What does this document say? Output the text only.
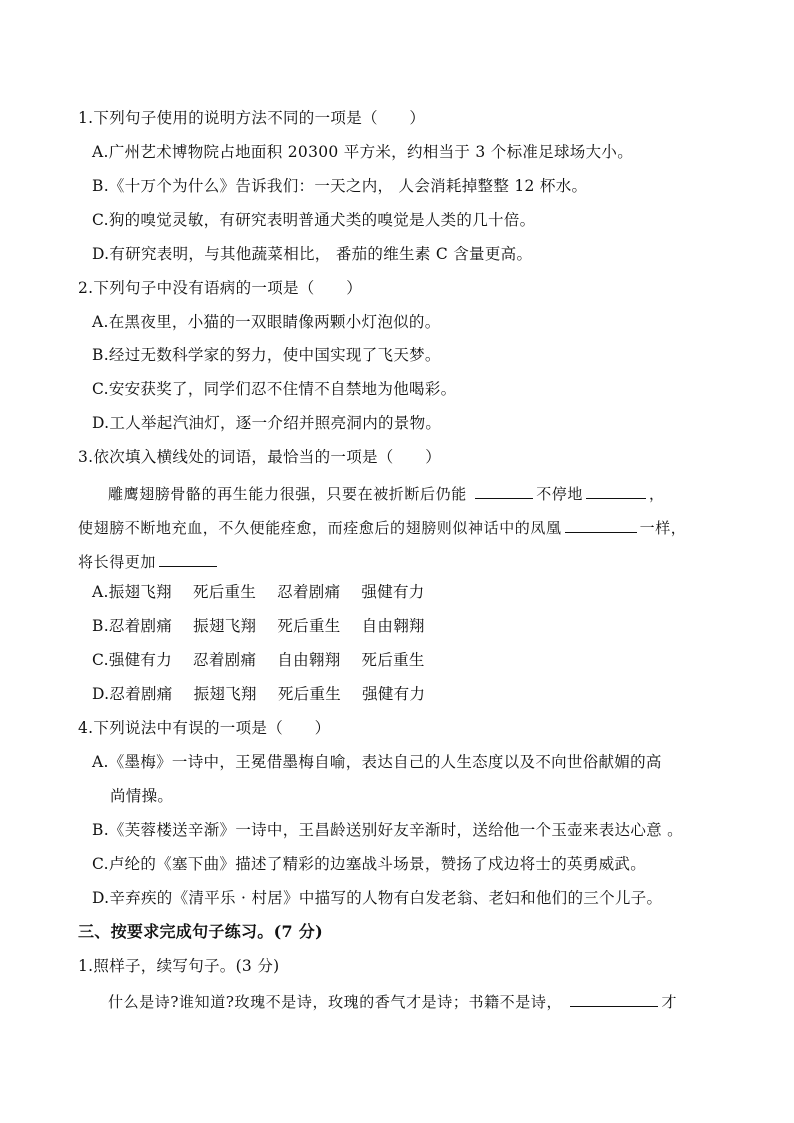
1.下列句子使用的说明方法不同的一项是（　　）
A.广州艺术博物院占地面积 20300 平方米，约相当于 3 个标准足球场大小。
B.《十万个为什么》告诉我们：一天之内， 人会消耗掉整整 12 杯水。
C.狗的嗅觉灵敏，有研究表明普通犬类的嗅觉是人类的几十倍。
D.有研究表明，与其他蔬菜相比， 番茄的维生素 C 含量更高。
2.下列句子中没有语病的一项是（　　）
A.在黑夜里，小猫的一双眼睛像两颗小灯泡似的。
B.经过无数科学家的努力，使中国实现了飞天梦。
C.安安获奖了，同学们忍不住情不自禁地为他喝彩。
D.工人举起汽油灯，逐一介绍并照亮洞内的景物。
3.依次填入横线处的词语，最恰当的一项是（　　）
雕鹰翅膀骨骼的再生能力很强，只要在被折断后仍能	不停地	，
使翅膀不断地充血，不久便能痊愈，而痊愈后的翅膀则似神话中的凤凰	一样，
将长得更加
A.振翅飞翔　 死后重生　 忍着剧痛　 强健有力
B.忍着剧痛　 振翅飞翔　 死后重生　 自由翱翔
C.强健有力　 忍着剧痛　 自由翱翔　 死后重生
D.忍着剧痛　 振翅飞翔　 死后重生　 强健有力
4.下列说法中有误的一项是（　　）
A.《墨梅》一诗中，王冕借墨梅自喻，表达自己的人生态度以及不向世俗献媚的高
尚情操。
B.《芙蓉楼送辛渐》一诗中，王昌龄送别好友辛渐时，送给他一个玉壶来表达心意 。
C.卢纶的《塞下曲》描述了精彩的边塞战斗场景，赞扬了戍边将士的英勇威武。
D.辛弃疾的《清平乐 · 村居》中描写的人物有白发老翁、老妇和他们的三个儿子。
三、按要求完成句子练习。(7 分)
1.照样子，续写句子。(3 分)
什么是诗?谁知道?玫瑰不是诗，玫瑰的香气才是诗；书籍不是诗，	才
